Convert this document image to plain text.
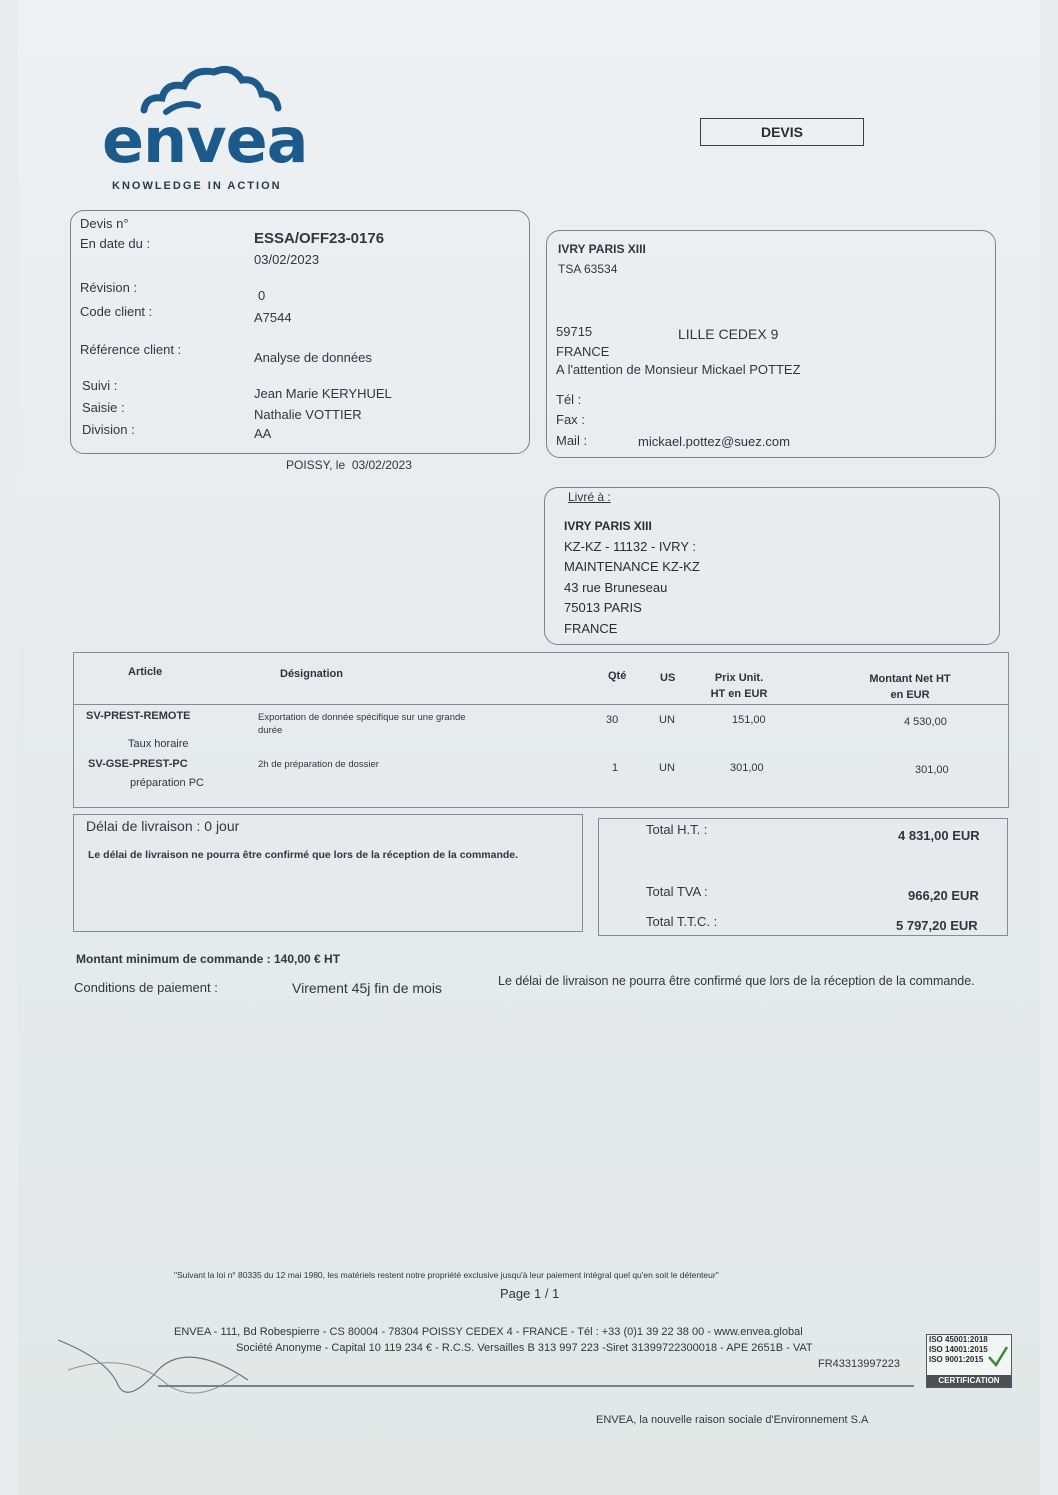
envea
KNOWLEDGE IN ACTION
DEVIS
Devis n°
ESSA/OFF23-0176
En date du :
03/02/2023
Révision :
0
Code client :	A7544
Référence client :
Analyse de données
Suivi :
Jean Marie KERYHUEL
Saisie :	Nathalie VOTTIER
Division :	AA
POISSY, le 03/02/2023
IVRY PARIS XIII
TSA 63534
59715	LILLE CEDEX 9
FRANCE
A l'attention de Monsieur Mickael POTTEZ
Tél :
Fax :
Mail :	mickael.pottez@suez.com
Livré à :
IVRY PARIS XIII
KZ-KZ - 11132 - IVRY :
MAINTENANCE KZ-KZ
43 rue Bruneseau
75013 PARIS
FRANCE
Article	Désignation	Qté	US	Prix Unit.
HT en EUR
Montant Net HT
en EUR
SV-PREST-REMOTE	Exportation de donnée spécifique sur une grande
durée
30	UN	151,00	4 530,00
Taux horaire
SV-GSE-PREST-PC	2h de préparation de dossier	1	UN	301,00	301,00
préparation PC
Délai de livraison : 0 jour
Le délai de livraison ne pourra être confirmé que lors de la réception de la commande.
Total H.T. :	4 831,00 EUR
Total TVA :	966,20 EUR
Total T.T.C. :	5 797,20 EUR
Montant minimum de commande : 140,00 € HT
Conditions de paiement :	Virement 45j fin de mois	Le délai de livraison ne pourra être confirmé que lors de la réception de la commande.
"Suivant la loi n° 80335 du 12 mai 1980, les matériels restent notre propriété exclusive jusqu'à leur paiement intégral quel qu'en soit le détenteur"
Page 1 / 1
ENVEA - 111, Bd Robespierre - CS 80004 - 78304 POISSY CEDEX 4 - FRANCE - Tél : +33 (0)1 39 22 38 00 - www.envea.global
Société Anonyme - Capital 10 119 234 € - R.C.S. Versailles B 313 997 223 -Siret 31399722300018 - APE 2651B - VAT
FR43313997223
ISO 45001:2018
ISO 14001:2015
ISO 9001:2015
CERTIFICATION
ENVEA, la nouvelle raison sociale d'Environnement S.A
